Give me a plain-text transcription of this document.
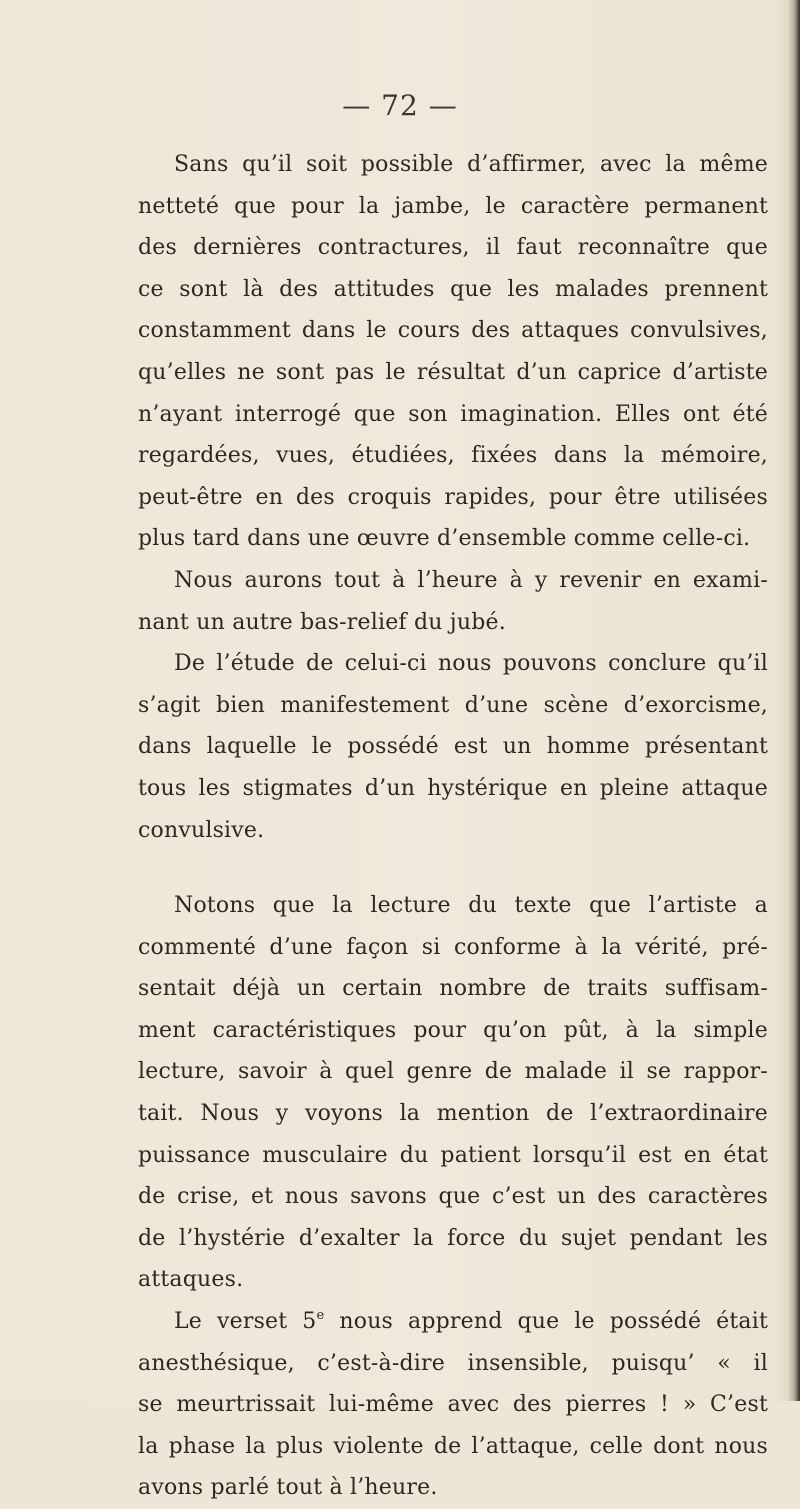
— 72 —
Sans qu’il soit possible d’affirmer, avec la même
netteté que pour la jambe, le caractère permanent
des dernières contractures, il faut reconnaître que
ce sont là des attitudes que les malades prennent
constamment dans le cours des attaques convulsives,
qu’elles ne sont pas le résultat d’un caprice d’artiste
n’ayant interrogé que son imagination. Elles ont été
regardées, vues, étudiées, fixées dans la mémoire,
peut-être en des croquis rapides, pour être utilisées
plus tard dans une œuvre d’ensemble comme celle-ci.
Nous aurons tout à l’heure à y revenir en exami-
nant un autre bas-relief du jubé.
De l’étude de celui-ci nous pouvons conclure qu’il
s’agit bien manifestement d’une scène d’exorcisme,
dans laquelle le possédé est un homme présentant
tous les stigmates d’un hystérique en pleine attaque
convulsive.
Notons que la lecture du texte que l’artiste a
commenté d’une façon si conforme à la vérité, pré-
sentait déjà un certain nombre de traits suffisam-
ment caractéristiques pour qu’on pût, à la simple
lecture, savoir à quel genre de malade il se rappor-
tait. Nous y voyons la mention de l’extraordinaire
puissance musculaire du patient lorsqu’il est en état
de crise, et nous savons que c’est un des caractères
de l’hystérie d’exalter la force du sujet pendant les
attaques.
Le verset 5e nous apprend que le possédé était
anesthésique, c’est-à-dire insensible, puisqu’ « il
se meurtrissait lui-même avec des pierres ! » C’est
la phase la plus violente de l’attaque, celle dont nous
avons parlé tout à l’heure.
